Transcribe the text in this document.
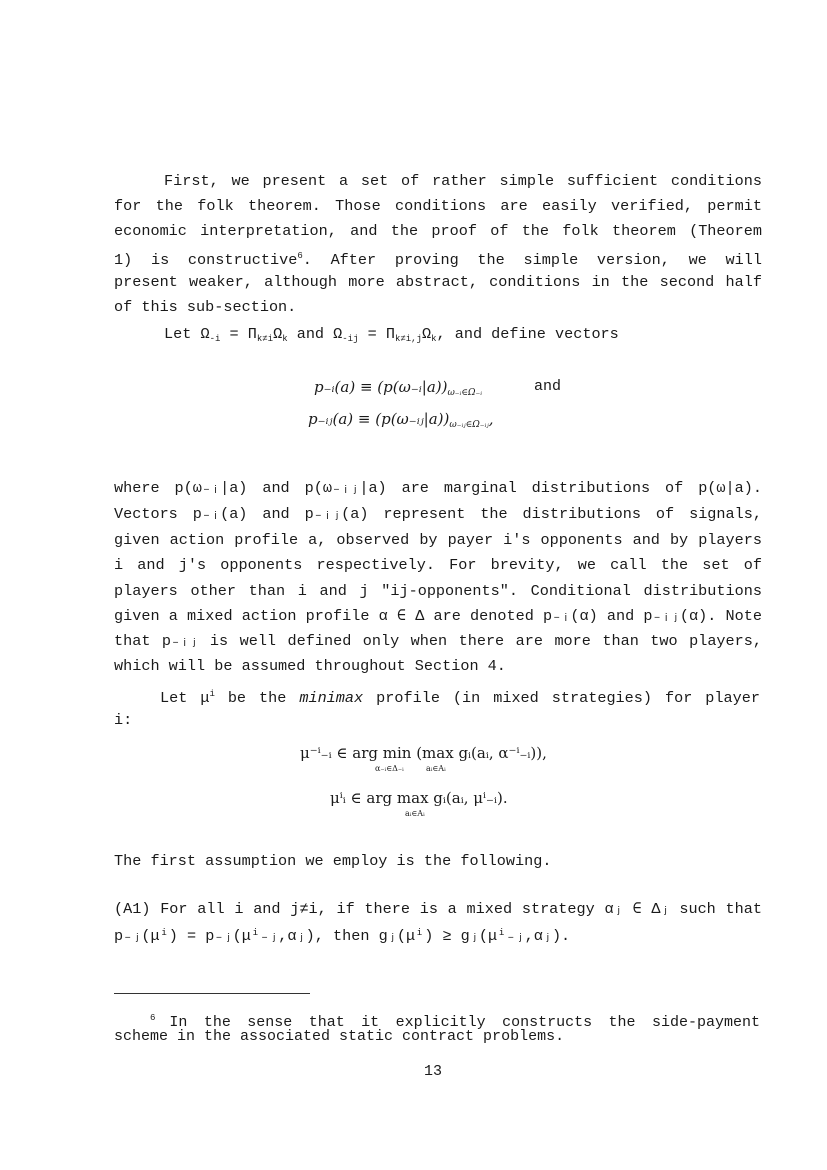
First, we present a set of rather simple sufficient conditions
for the folk theorem. Those conditions are easily verified, permit
economic interpretation, and the proof of the folk theorem (Theorem
1) is constructive$^6$. After proving the simple version, we will
present weaker, although more abstract, conditions in the second half
of this sub-section.
Let $\Omega_{-i} = \Pi_{k\ne i}\Omega_k$ and $\Omega_{-ij} = \Pi_{k\ne i,j}\Omega_k$, and define vectors
p₋ᵢ(a) ≡ $(p(\omega_-ᵢ|a))_{\omega_-ᵢ\in\Omega_-ᵢ}$	and
p₋ᵢⱼ(a) ≡ $(p(\omega_-ᵢⱼ|a))_{\omega_-ᵢⱼ\in\Omega_-ᵢⱼ}$,
where p(ω₋ᵢ|a) and p(ω₋ᵢⱼ|a) are marginal distributions of p(ω|a).
Vectors p₋ᵢ(a) and p₋ᵢⱼ(a) represent the distributions of signals,
given action profile a, observed by payer i's opponents and by players
i and j's opponents respectively. For brevity, we call the set of
players other than i and j "ij-opponents". Conditional distributions
given a mixed action profile α ∈ Δ are denoted p₋ᵢ(α) and p₋ᵢⱼ(α). Note
that p₋ᵢⱼ is well defined only when there are more than two players,
which will be assumed throughout Section 4.
Let $\mu^i$ be the minimax profile (in mixed strategies) for player
i:
μ⁻ⁱ₋ᵢ ∈ arg min (max gᵢ(aᵢ, α⁻ⁱ₋ᵢ)),
α₋ᵢ∈Δ₋ᵢ	aᵢ∈Aᵢ
μⁱᵢ ∈ arg max gᵢ(aᵢ, μⁱ₋ᵢ).
aᵢ∈Aᵢ
The first assumption we employ is the following.
(A1) For all i and j≠i, if there is a mixed strategy αⱼ ∈ Δⱼ such that
p₋ⱼ(μⁱ) = p₋ⱼ(μⁱ₋ⱼ,αⱼ), then gⱼ(μⁱ) ≥ gⱼ(μⁱ₋ⱼ,αⱼ).
$^6$ In the sense that it explicitly constructs the side-payment
scheme in the associated static contract problems.
13
